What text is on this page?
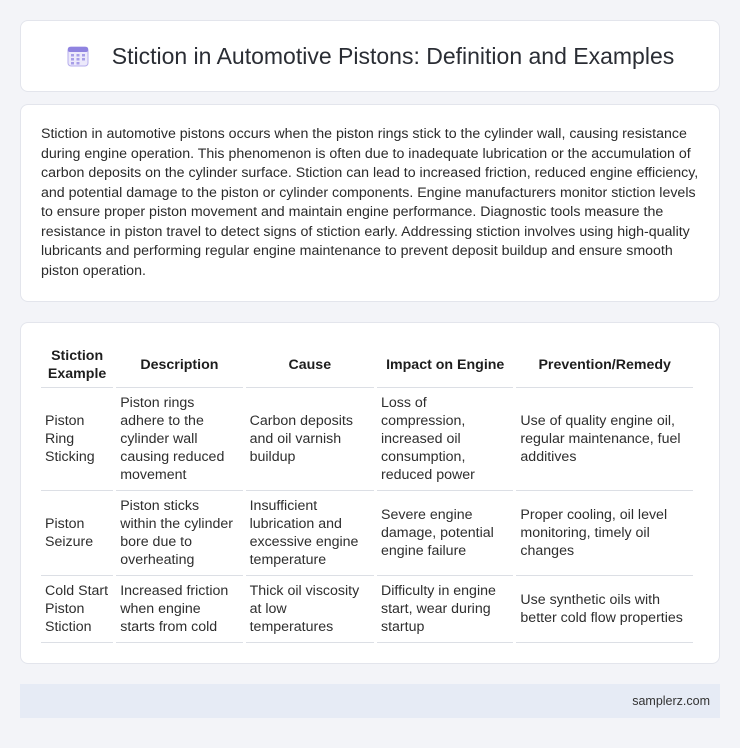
Stiction in Automotive Pistons: Definition and Examples

Stiction in automotive pistons occurs when the piston rings stick to the cylinder wall, causing resistance during engine operation. This phenomenon is often due to inadequate lubrication or the accumulation of carbon deposits on the cylinder surface. Stiction can lead to increased friction, reduced engine efficiency, and potential damage to the piston or cylinder components. Engine manufacturers monitor stiction levels to ensure proper piston movement and maintain engine performance. Diagnostic tools measure the resistance in piston travel to detect signs of stiction early. Addressing stiction involves using high-quality lubricants and performing regular engine maintenance to prevent deposit buildup and ensure smooth piston operation.

Stiction Example	Description	Cause	Impact on Engine	Prevention/Remedy
Piston Ring Sticking	Piston rings adhere to the cylinder wall causing reduced movement	Carbon deposits and oil varnish buildup	Loss of compression, increased oil consumption, reduced power	Use of quality engine oil, regular maintenance, fuel additives
Piston Seizure	Piston sticks within the cylinder bore due to overheating	Insufficient lubrication and excessive engine temperature	Severe engine damage, potential engine failure	Proper cooling, oil level monitoring, timely oil changes
Cold Start Piston Stiction	Increased friction when engine starts from cold	Thick oil viscosity at low temperatures	Difficulty in engine start, wear during startup	Use synthetic oils with better cold flow properties
samplerz.com
